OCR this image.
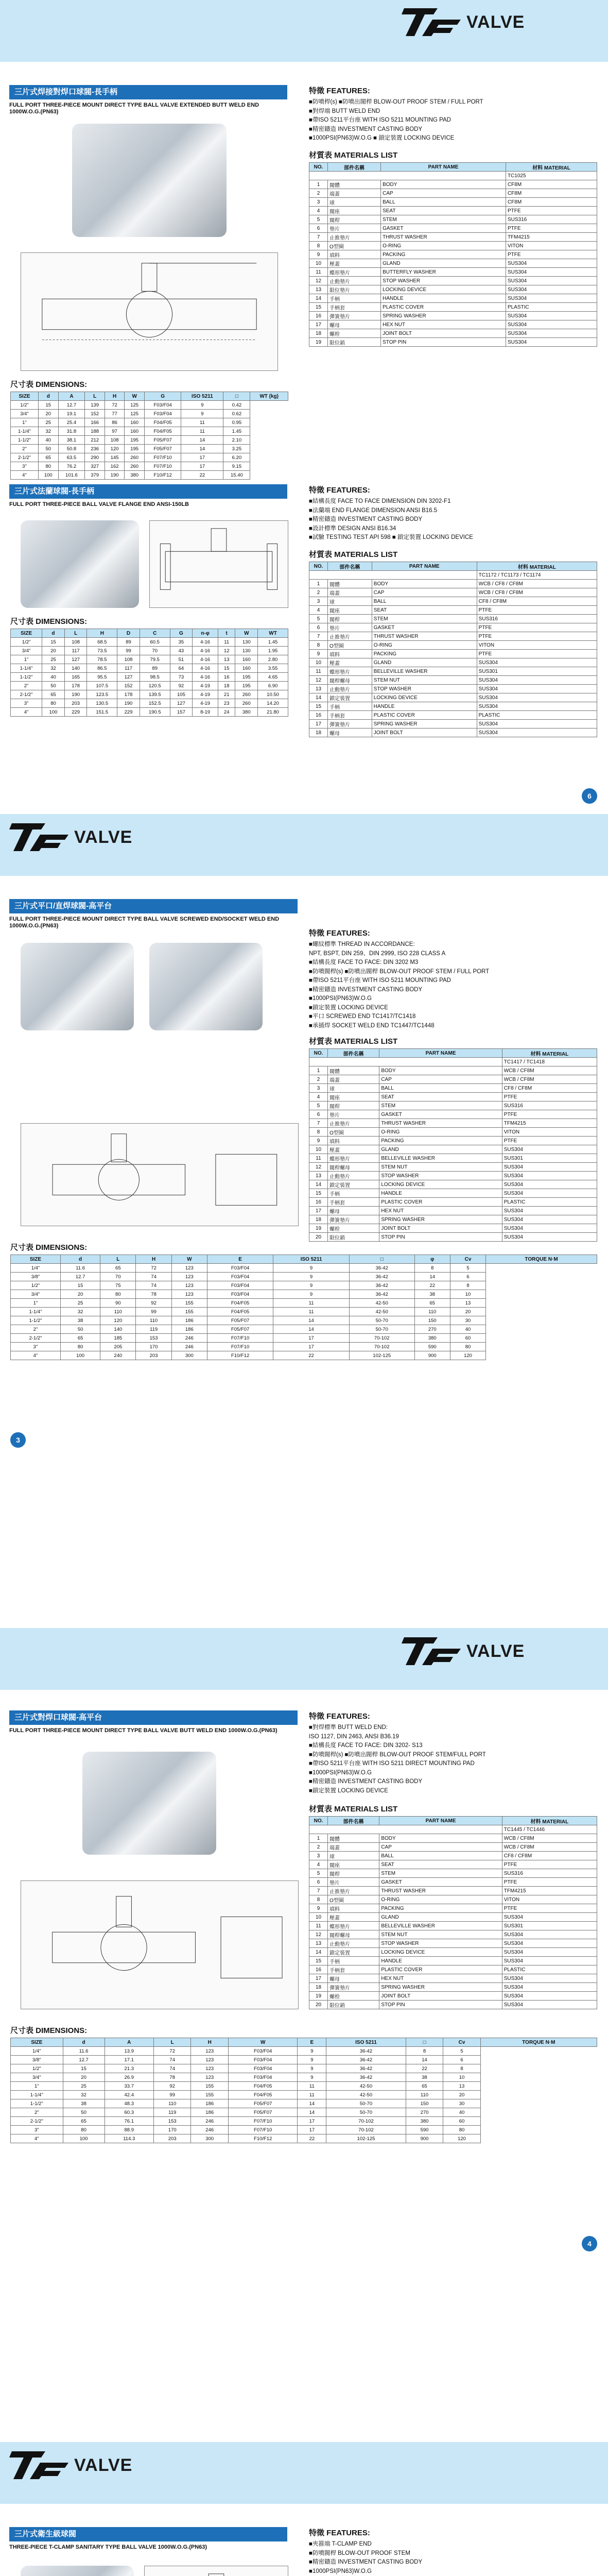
VALVE
三片式焊接對焊口球閥-長手柄
FULL PORT THREE-PIECE MOUNT DIRECT TYPE BALL VALVE EXTENDED BUTT WELD END 1000W.O.G.(PN63)
尺寸表 DIMENSIONS:
SIZE	d	A	L	H	W	G	ISO 5211	□	WT (kg)
1/2"	15	12.7	139	72	125	F03/F04	9	0.42	
3/4"	20	19.1	152	77	125	F03/F04	9	0.62	
1"	25	25.4	166	86	160	F04/F05	11	0.95	
1-1/4"	32	31.8	188	97	160	F04/F05	11	1.45	
1-1/2"	40	38.1	212	108	195	F05/F07	14	2.10	
2"	50	50.8	236	120	195	F05/F07	14	3.25	
2-1/2"	65	63.5	290	145	260	F07/F10	17	6.20	
3"	80	76.2	327	162	260	F07/F10	17	9.15	
4"	100	101.6	379	190	380	F10/F12	22	15.40	
特徵 FEATURES:
■防噴桿(s) ■防噴出閥桿 BLOW-OUT PROOF STEM / FULL PORT
■對焊端 BUTT WELD END
■帶ISO 5211平台座 WITH ISO 5211 MOUNTING PAD
■精密鑄造 INVESTMENT CASTING BODY
■1000PSI(PN63)W.O.G ■ 鎖定裝置 LOCKING DEVICE
材質表 MATERIALS LIST
NO.	部件名稱	PART NAME	材料 MATERIAL
			TC1025
1	閥體	BODY	CF8M
2	端蓋	CAP	CF8M
3	球	BALL	CF8M
4	閥座	SEAT	PTFE
5	閥桿	STEM	SUS316
6	墊片	GASKET	PTFE
7	止推墊片	THRUST WASHER	TFM4215
8	O型圈	O-RING	VITON
9	填料	PACKING	PTFE
10	壓蓋	GLAND	SUS304
11	蝶形墊片	BUTTERFLY WASHER	SUS304
12	止動墊片	STOP WASHER	SUS304
13	限位墊片	LOCKING DEVICE	SUS304
14	手柄	HANDLE	SUS304
15	手柄套	PLASTIC COVER	PLASTIC
16	彈簧墊片	SPRING WASHER	SUS304
17	螺母	HEX NUT	SUS304
18	螺栓	JOINT BOLT	SUS304
19	限位銷	STOP PIN	SUS304
三片式法蘭球閥-長手柄
FULL PORT THREE-PIECE BALL VALVE FLANGE END ANSI-150LB
尺寸表 DIMENSIONS:
SIZE	d	L	H	D	C	G	n-φ	t	W	WT
1/2"	15	108	68.5	89	60.5	35	4-16	11	130	1.45
3/4"	20	117	73.5	99	70	43	4-16	12	130	1.95
1"	25	127	78.5	108	79.5	51	4-16	13	160	2.80
1-1/4"	32	140	86.5	117	89	64	4-16	15	160	3.55
1-1/2"	40	165	95.5	127	98.5	73	4-16	16	195	4.65
2"	50	178	107.5	152	120.5	92	4-19	18	195	6.90
2-1/2"	65	190	123.5	178	139.5	105	4-19	21	260	10.50
3"	80	203	130.5	190	152.5	127	4-19	23	260	14.20
4"	100	229	151.5	229	190.5	157	8-19	24	380	21.80
特徵 FEATURES:
■結構長度 FACE TO FACE DIMENSION DIN 3202-F1
■法蘭端 END FLANGE DIMENSION ANSI B16.5
■精密鑄造 INVESTMENT CASTING BODY
■設計標準 DESIGN ANSI B16.34
■試驗 TESTING TEST API 598 ■ 鎖定裝置 LOCKING DEVICE
材質表 MATERIALS LIST
NO.	部件名稱	PART NAME	材料 MATERIAL
			TC1172 / TC1173 / TC1174
1	閥體	BODY	WCB / CF8 / CF8M
2	端蓋	CAP	WCB / CF8 / CF8M
3	球	BALL	CF8 / CF8M
4	閥座	SEAT	PTFE
5	閥桿	STEM	SUS316
6	墊片	GASKET	PTFE
7	止推墊片	THRUST WASHER	PTFE
8	O型圈	O-RING	VITON
9	填料	PACKING	PTFE
10	壓蓋	GLAND	SUS304
11	蝶形墊片	BELLEVILLE WASHER	SUS301
12	閥桿螺母	STEM NUT	SUS304
13	止動墊片	STOP WASHER	SUS304
14	鎖定裝置	LOCKING DEVICE	SUS304
15	手柄	HANDLE	SUS304
16	手柄套	PLASTIC COVER	PLASTIC
17	彈簧墊片	SPRING WASHER	SUS304
18	螺母	JOINT BOLT	SUS304
6
VALVE
三片式平口/直焊球閥-高平台
FULL PORT THREE-PIECE MOUNT DIRECT TYPE BALL VALVE SCREWED END/SOCKET WELD END 1000W.O.G.(PN63)
尺寸表 DIMENSIONS:
SIZE	d	L	H	W	E	ISO 5211	□	φ	Cv	TORQUE N·M
1/4"	11.6	65	72	123	F03/F04	9	36-42	8	5	
3/8"	12.7	70	74	123	F03/F04	9	36-42	14	6	
1/2"	15	75	74	123	F03/F04	9	36-42	22	8	
3/4"	20	80	78	123	F03/F04	9	36-42	38	10	
1"	25	90	92	155	F04/F05	11	42-50	65	13	
1-1/4"	32	110	99	155	F04/F05	11	42-50	110	20	
1-1/2"	38	120	110	186	F05/F07	14	50-70	150	30	
2"	50	140	119	186	F05/F07	14	50-70	270	40	
2-1/2"	65	185	153	246	F07/F10	17	70-102	380	60	
3"	80	205	170	246	F07/F10	17	70-102	590	80	
4"	100	240	203	300	F10/F12	22	102-125	900	120	
特徵 FEATURES:
■螺紋標準 THREAD IN ACCORDANCE:
NPT, BSPT, DIN 259、DIN 2999, ISO 228 CLASS A
■結構長度 FACE TO FACE: DIN 3202 M3
■防噴閥桿(s) ■防噴出閥桿 BLOW-OUT PROOF STEM / FULL PORT
■帶ISO 5211平台座 WITH ISO 5211 MOUNTING PAD
■精密鑄造 INVESTMENT CASTING BODY
■1000PSI(PN63)W.O.G
■鎖定裝置 LOCKING DEVICE
■平口 SCREWED END TC1417/TC1418
■承插焊 SOCKET WELD END TC1447/TC1448
材質表 MATERIALS LIST
NO.	部件名稱	PART NAME	材料 MATERIAL
			TC1417 / TC1418
1	閥體	BODY	WCB / CF8M
2	端蓋	CAP	WCB / CF8M
3	球	BALL	CF8 / CF8M
4	閥座	SEAT	PTFE
5	閥桿	STEM	SUS316
6	墊片	GASKET	PTFE
7	止推墊片	THRUST WASHER	TFM4215
8	O型圈	O-RING	VITON
9	填料	PACKING	PTFE
10	壓蓋	GLAND	SUS304
11	蝶形墊片	BELLEVILLE WASHER	SUS301
12	閥桿螺母	STEM NUT	SUS304
13	止動墊片	STOP WASHER	SUS304
14	鎖定裝置	LOCKING DEVICE	SUS304
15	手柄	HANDLE	SUS304
16	手柄套	PLASTIC COVER	PLASTIC
17	螺母	HEX NUT	SUS304
18	彈簧墊片	SPRING WASHER	SUS304
19	螺栓	JOINT BOLT	SUS304
20	限位銷	STOP PIN	SUS304
3
VALVE
三片式對焊口球閥-高平台
FULL PORT THREE-PIECE MOUNT DIRECT TYPE BALL VALVE BUTT WELD END 1000W.O.G.(PN63)
尺寸表 DIMENSIONS:
SIZE	d	A	L	H	W	E	ISO 5211	□	Cv	TORQUE N·M
1/4"	11.6	13.9	72	123	F03/F04	9	36-42	8	5	
3/8"	12.7	17.1	74	123	F03/F04	9	36-42	14	6	
1/2"	15	21.3	74	123	F03/F04	9	36-42	22	8	
3/4"	20	26.9	78	123	F03/F04	9	36-42	38	10	
1"	25	33.7	92	155	F04/F05	11	42-50	65	13	
1-1/4"	32	42.4	99	155	F04/F05	11	42-50	110	20	
1-1/2"	38	48.3	110	186	F05/F07	14	50-70	150	30	
2"	50	60.3	119	186	F05/F07	14	50-70	270	40	
2-1/2"	65	76.1	153	246	F07/F10	17	70-102	380	60	
3"	80	88.9	170	246	F07/F10	17	70-102	590	80	
4"	100	114.3	203	300	F10/F12	22	102-125	900	120	
特徵 FEATURES:
■對焊標準 BUTT WELD END:
ISO 1127, DIN 2463, ANSI B36.19
■結構長度 FACE TO FACE: DIN 3202- S13
■防噴閥桿(s) ■防噴出閥桿 BLOW-OUT PROOF STEM/FULL PORT
■帶ISO 5211平台座 WITH ISO 5211 DIRECT MOUNTING PAD
■1000PSI(PN63)W.O.G
■精密鑄造 INVESTMENT CASTING BODY
■鎖定裝置 LOCKING DEVICE
材質表 MATERIALS LIST
NO.	部件名稱	PART NAME	材料 MATERIAL
			TC1445 / TC1446
1	閥體	BODY	WCB / CF8M
2	端蓋	CAP	WCB / CF8M
3	球	BALL	CF8 / CF8M
4	閥座	SEAT	PTFE
5	閥桿	STEM	SUS316
6	墊片	GASKET	PTFE
7	止推墊片	THRUST WASHER	TFM4215
8	O型圈	O-RING	VITON
9	填料	PACKING	PTFE
10	壓蓋	GLAND	SUS304
11	蝶形墊片	BELLEVILLE WASHER	SUS301
12	閥桿螺母	STEM NUT	SUS304
13	止動墊片	STOP WASHER	SUS304
14	鎖定裝置	LOCKING DEVICE	SUS304
15	手柄	HANDLE	SUS304
16	手柄套	PLASTIC COVER	PLASTIC
17	螺母	HEX NUT	SUS304
18	彈簧墊片	SPRING WASHER	SUS304
19	螺栓	JOINT BOLT	SUS304
20	限位銷	STOP PIN	SUS304
4
VALVE
三片式衛生級球閥
THREE-PIECE T-CLAMP SANITARY TYPE BALL VALVE 1000W.O.G.(PN63)

特徵 FEATURES:
■夾箍端 T-CLAMP END
■防噴閥桿 BLOW-OUT PROOF STEM
■精密鑄造 INVESTMENT CASTING BODY
■1000PSI(PN63)W.O.G
